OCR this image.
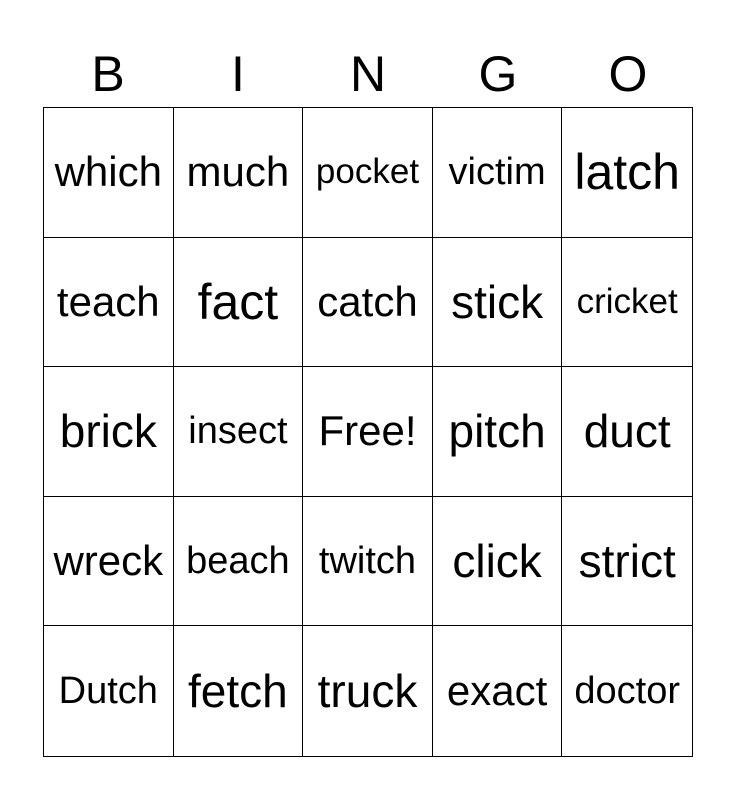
B	I	N	G	O
which much pocket victim latch
teach fact catch stick cricket
brick insect Free! pitch duct
wreck beach twitch click strict
Dutch fetch truck exact doctor
